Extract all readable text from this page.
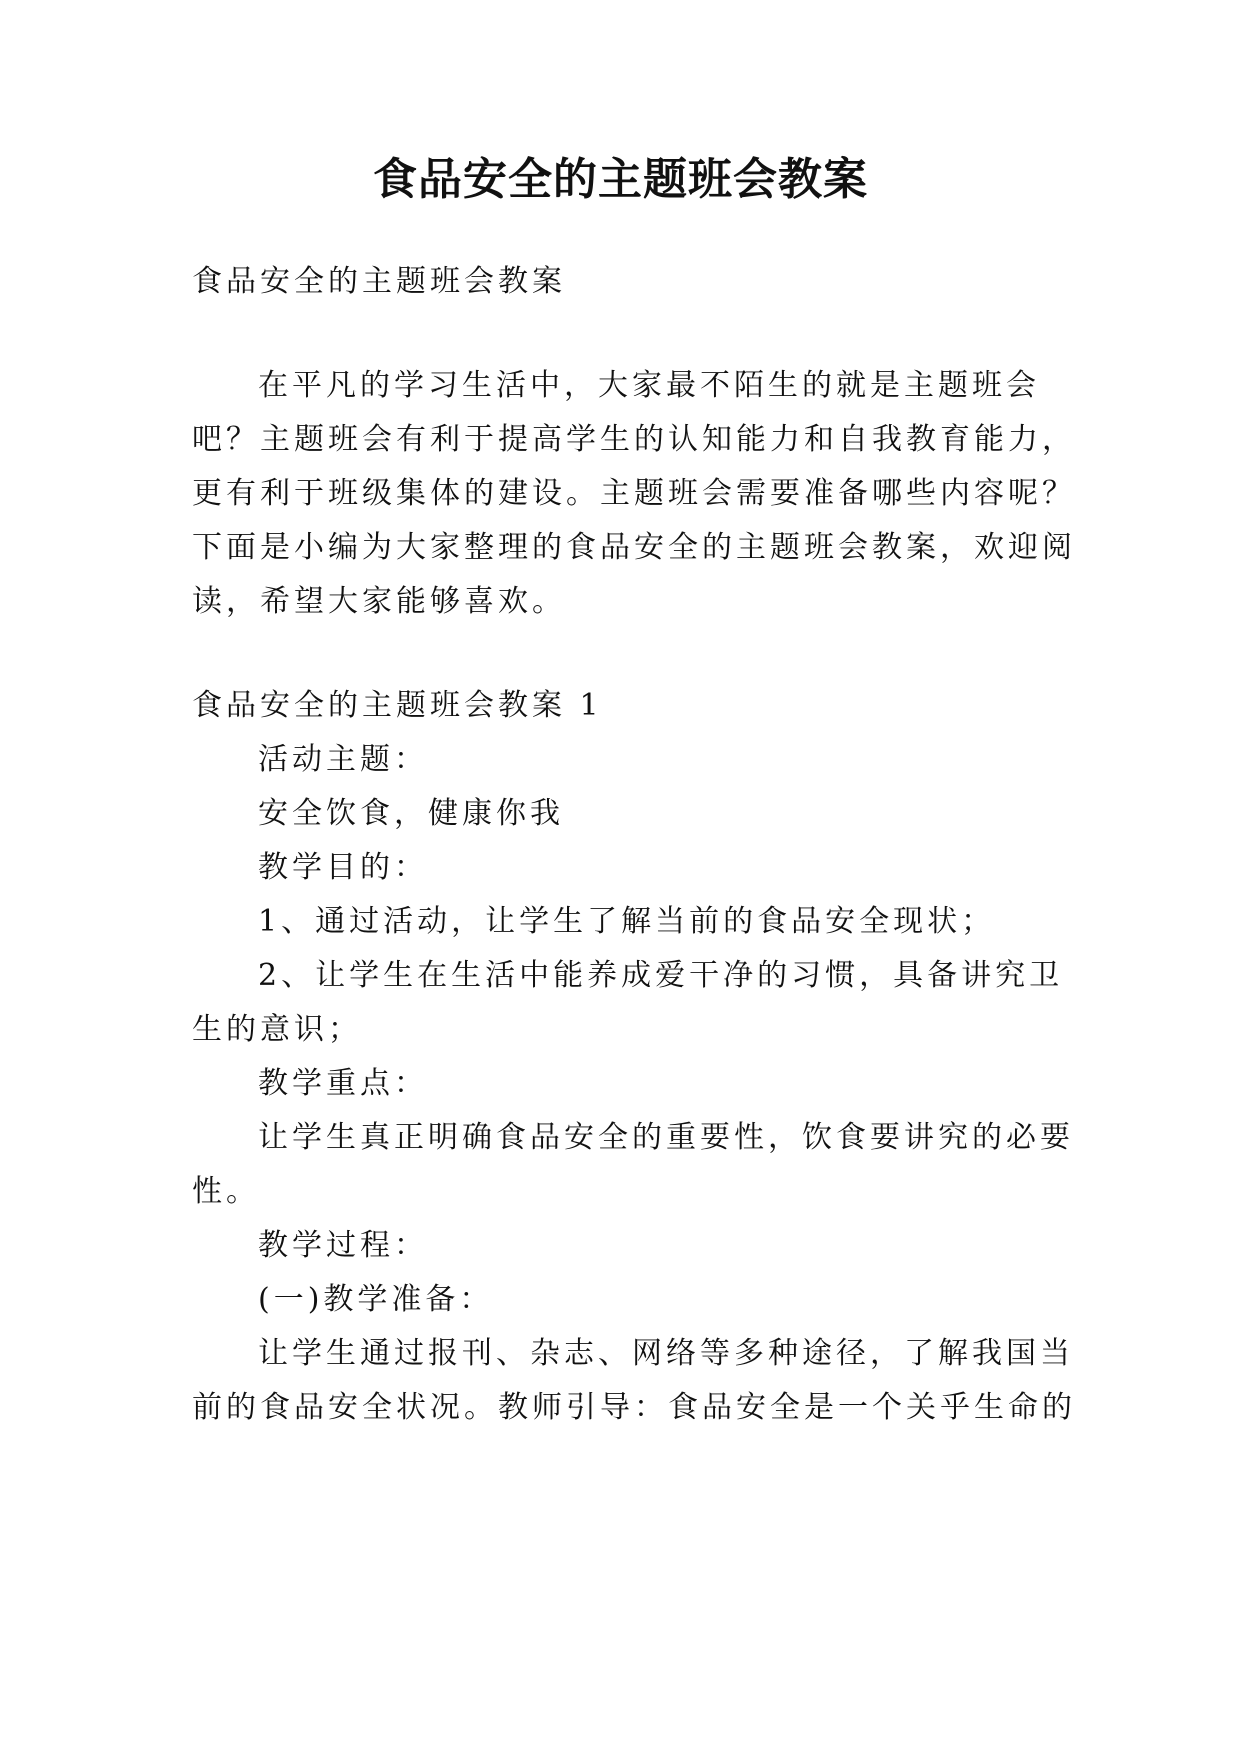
食品安全的主题班会教案
食品安全的主题班会教案
在平凡的学习生活中，大家最不陌生的就是主题班会
吧？主题班会有利于提高学生的认知能力和自我教育能力，
更有利于班级集体的建设。主题班会需要准备哪些内容呢？
下面是小编为大家整理的食品安全的主题班会教案，欢迎阅
读，希望大家能够喜欢。
食品安全的主题班会教案 1
活动主题：
安全饮食，健康你我
教学目的：
1、通过活动，让学生了解当前的食品安全现状；
2、让学生在生活中能养成爱干净的习惯，具备讲究卫
生的意识；
教学重点：
让学生真正明确食品安全的重要性，饮食要讲究的必要
性。
教学过程：
(一)教学准备：
让学生通过报刊、杂志、网络等多种途径，了解我国当
前的食品安全状况。教师引导：食品安全是一个关乎生命的
